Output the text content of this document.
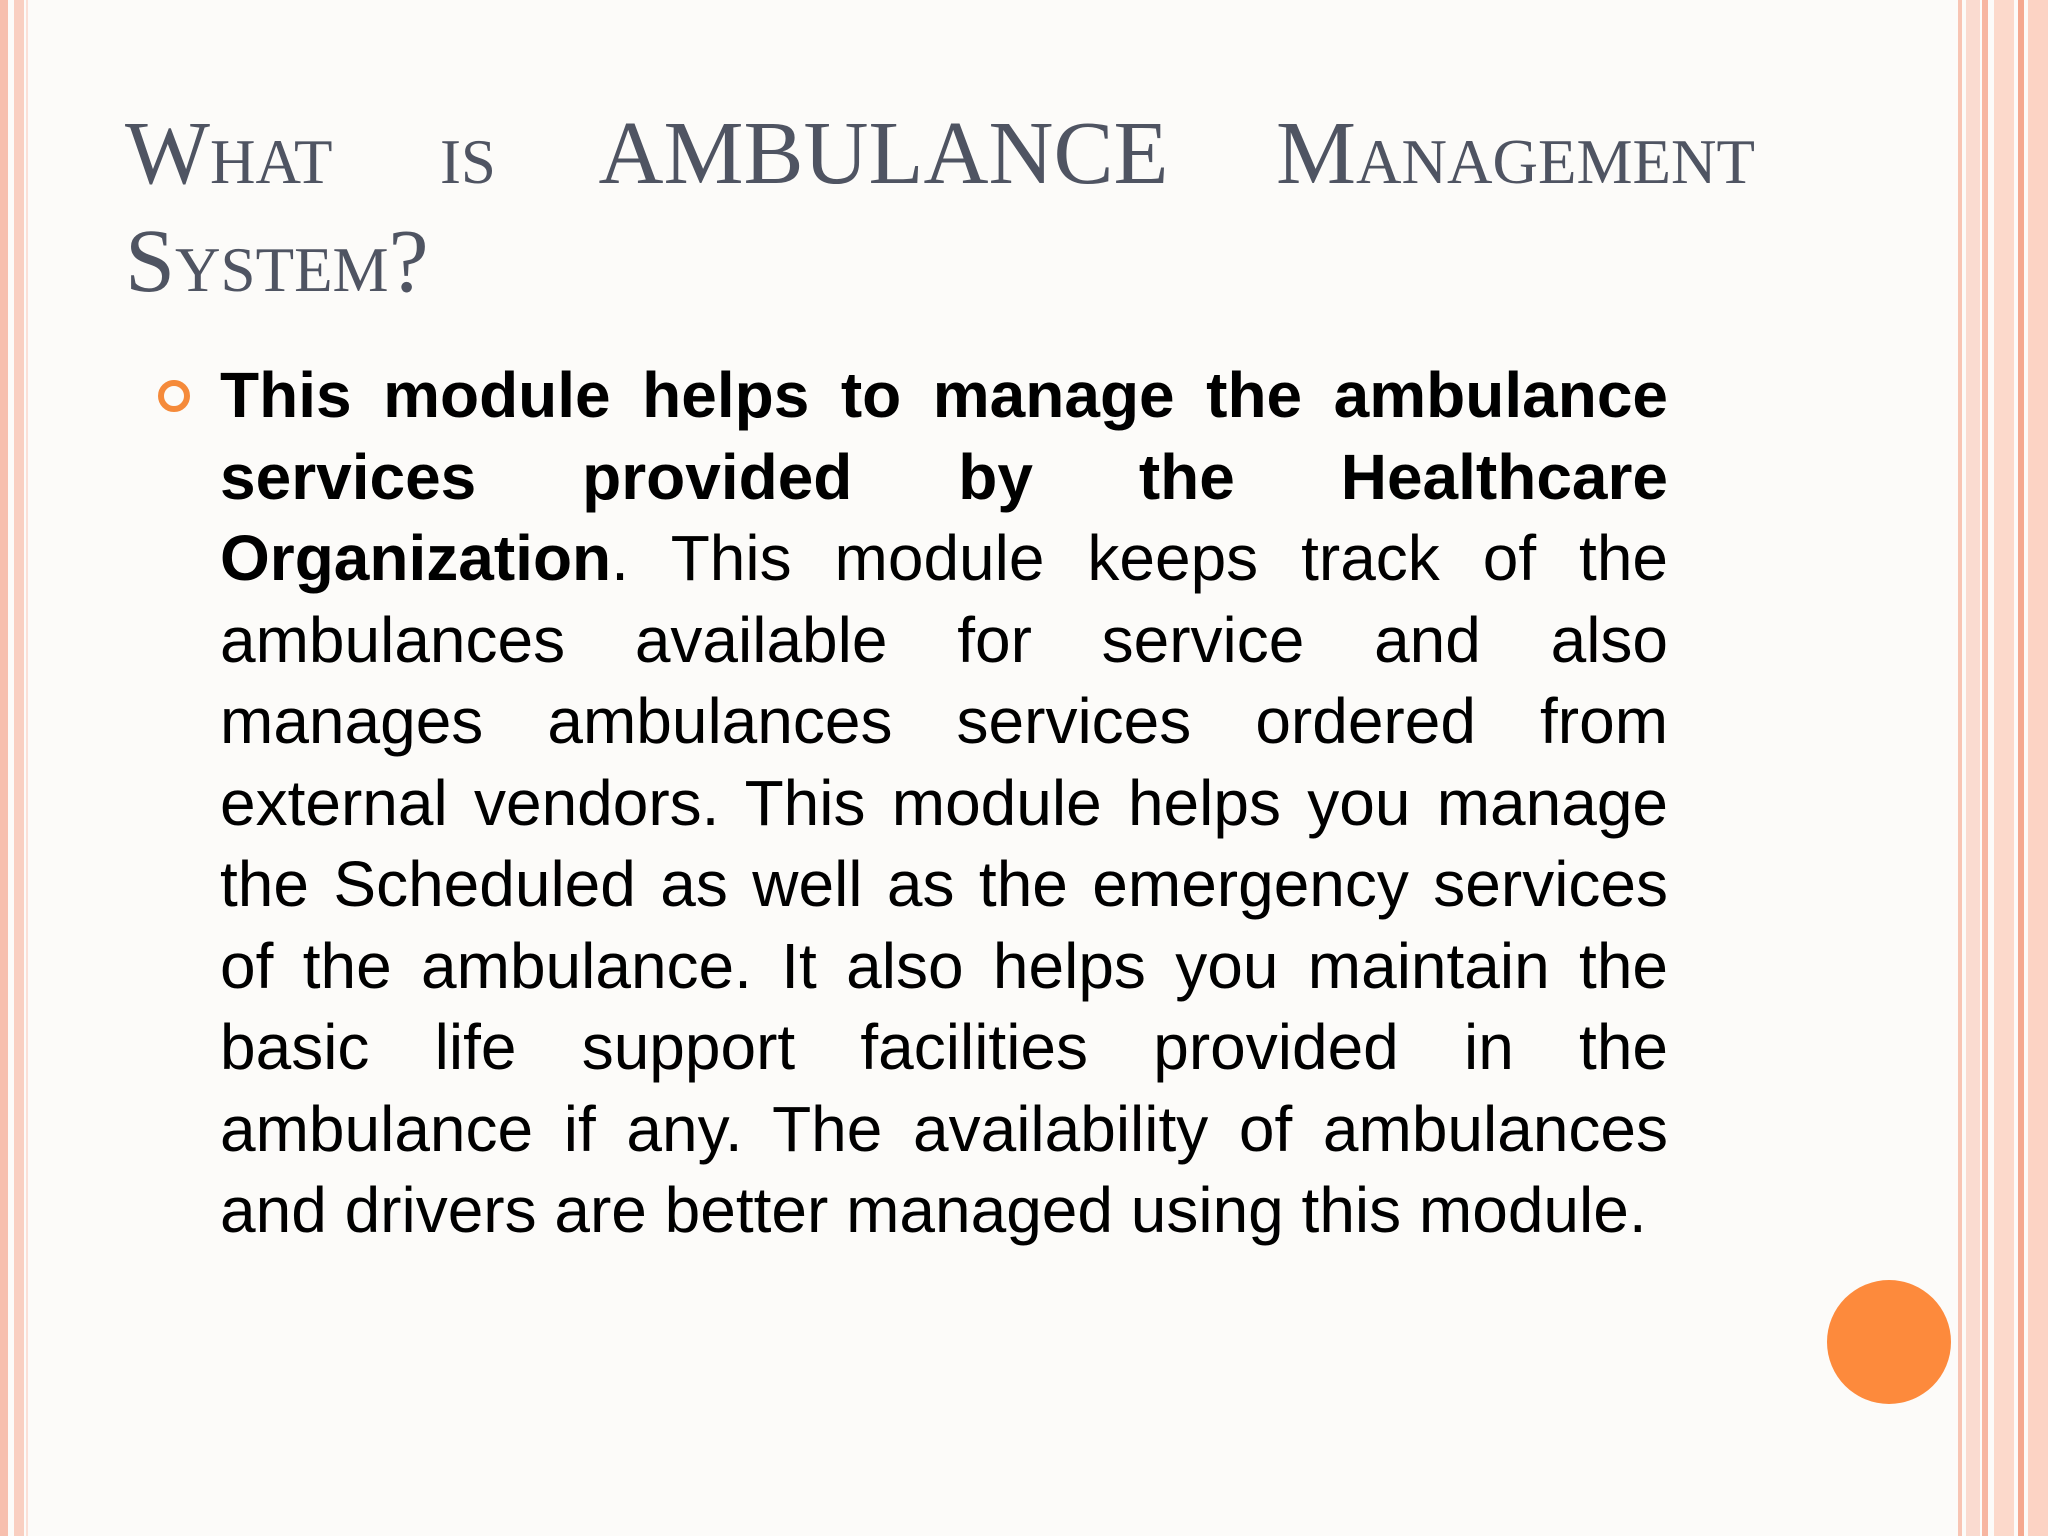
What is AMBULANCE Management System?

This module helps to manage the ambulance services provided by the Healthcare Organization. This module keeps track of the ambulances available for service and also manages ambulances services ordered from external vendors. This module helps you manage the Scheduled as well as the emergency services of the ambulance. It also helps you maintain the basic life support facilities provided in the ambulance if any. The availability of ambulances and drivers are better managed using this module.
